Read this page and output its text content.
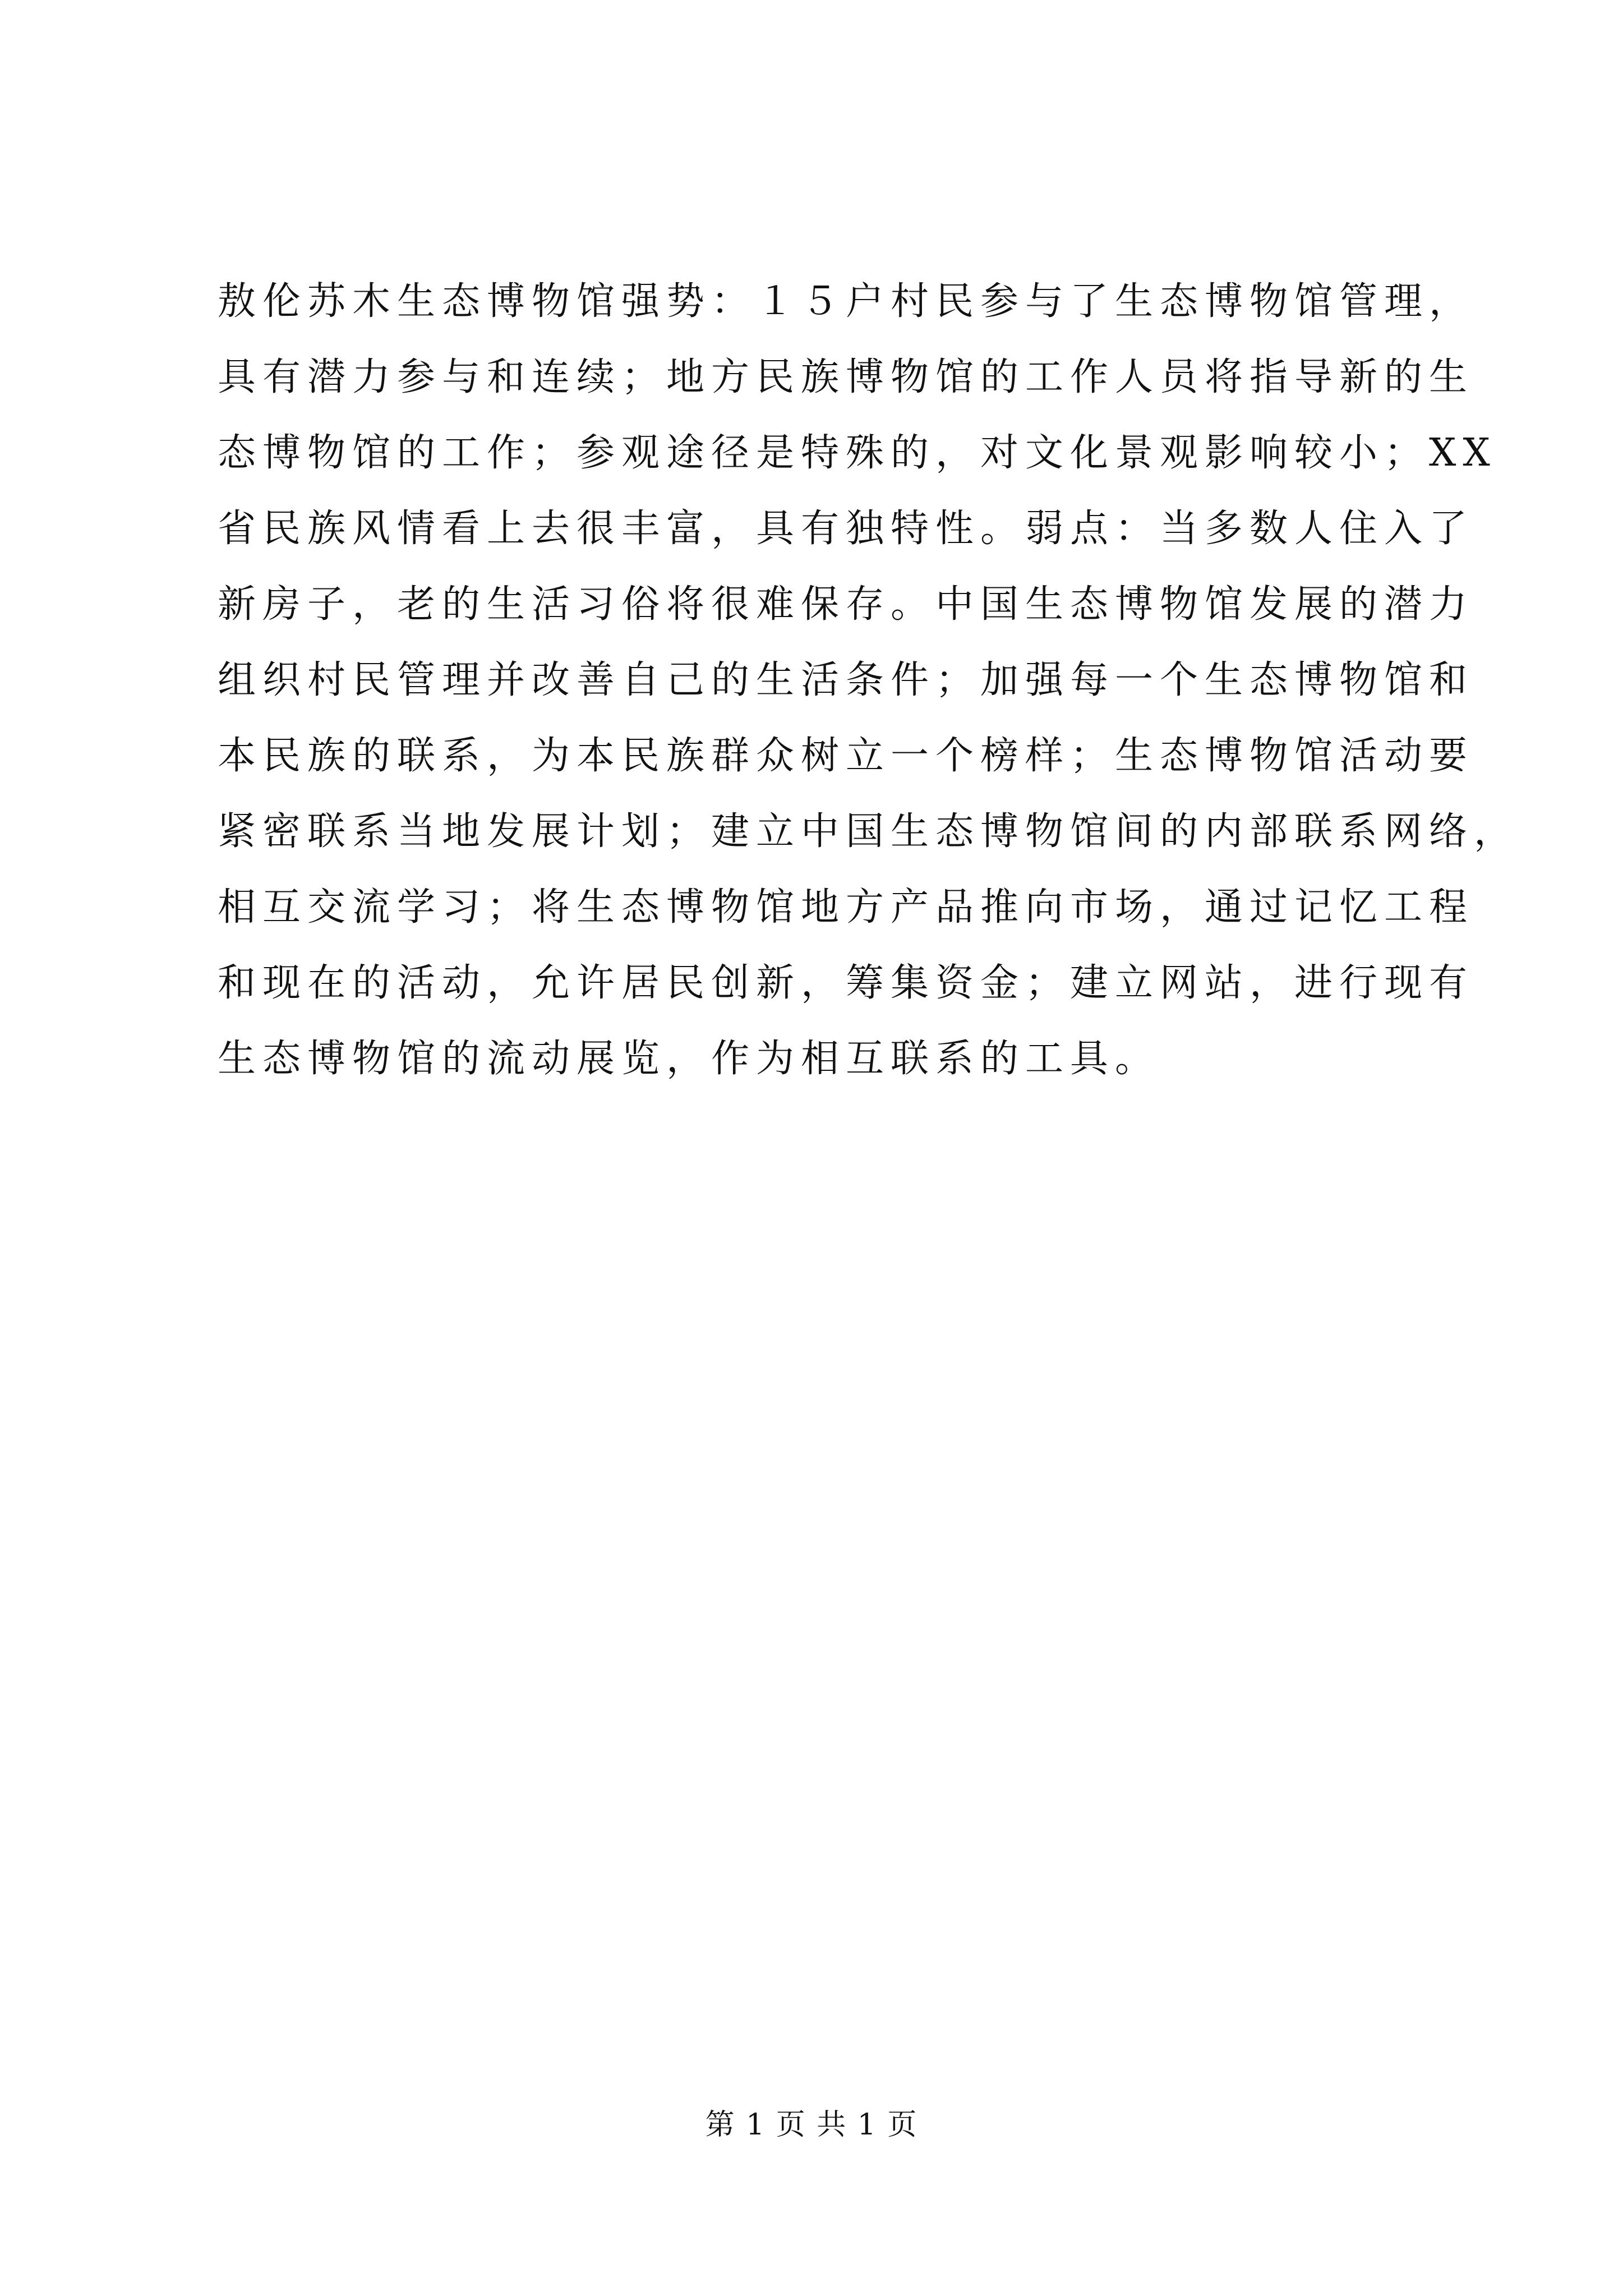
敖伦苏木生态博物馆强势：１５户村民参与了生态博物馆管理，
具有潜力参与和连续；地方民族博物馆的工作人员将指导新的生
态博物馆的工作；参观途径是特殊的，对文化景观影响较小；XX
省民族风情看上去很丰富，具有独特性。弱点：当多数人住入了
新房子，老的生活习俗将很难保存。中国生态博物馆发展的潜力
组织村民管理并改善自己的生活条件；加强每一个生态博物馆和
本民族的联系，为本民族群众树立一个榜样；生态博物馆活动要
紧密联系当地发展计划；建立中国生态博物馆间的内部联系网络，
相互交流学习；将生态博物馆地方产品推向市场，通过记忆工程
和现在的活动，允许居民创新，筹集资金；建立网站，进行现有
生态博物馆的流动展览，作为相互联系的工具。
第 1 页 共 1 页
